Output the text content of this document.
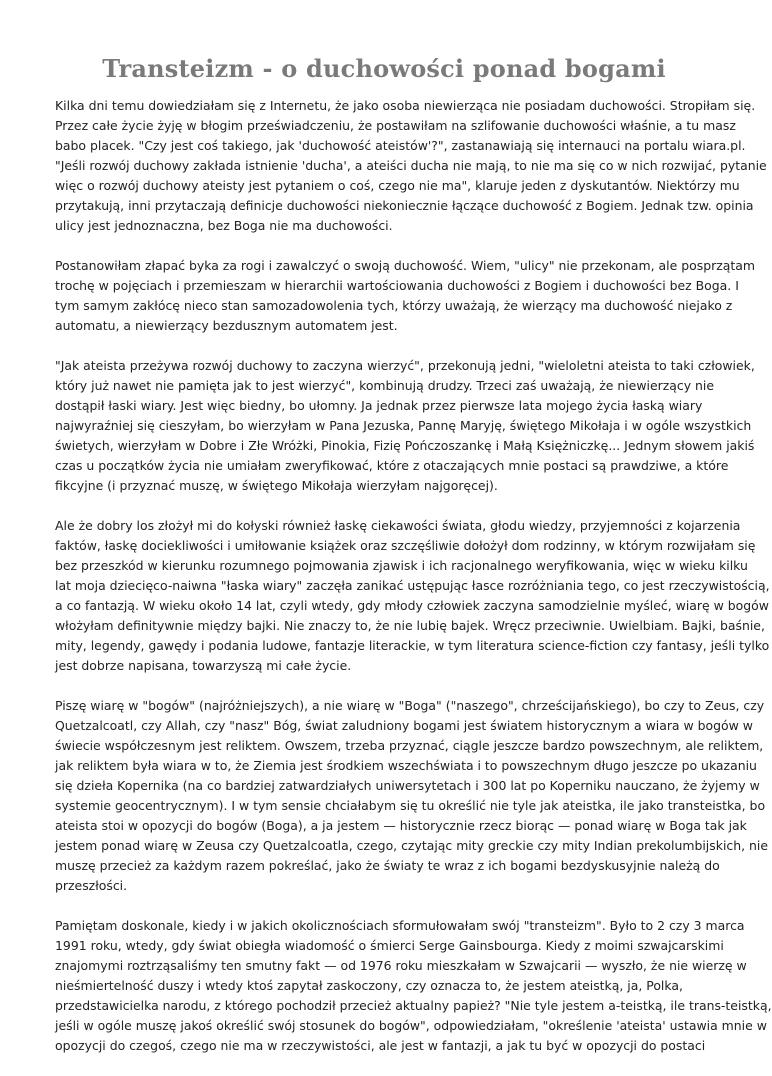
Transteizm - o duchowości ponad bogami

Kilka dni temu dowiedziałam się z Internetu, że jako osoba niewierząca nie posiadam duchowości. Stropiłam się.
Przez całe życie żyję w błogim przeświadczeniu, że postawiłam na szlifowanie duchowości właśnie, a tu masz
babo placek. "Czy jest coś takiego, jak 'duchowość ateistów'?", zastanawiają się internauci na portalu wiara.pl.
"Jeśli rozwój duchowy zakłada istnienie 'ducha', a ateiści ducha nie mają, to nie ma się co w nich rozwijać, pytanie
więc o rozwój duchowy ateisty jest pytaniem o coś, czego nie ma", klaruje jeden z dyskutantów. Niektórzy mu
przytakują, inni przytaczają definicje duchowości niekoniecznie łączące duchowość z Bogiem. Jednak tzw. opinia
ulicy jest jednoznaczna, bez Boga nie ma duchowości.

Postanowiłam złapać byka za rogi i zawalczyć o swoją duchowość. Wiem, "ulicy" nie przekonam, ale posprzątam
trochę w pojęciach i przemieszam w hierarchii wartościowania duchowości z Bogiem i duchowości bez Boga. I
tym samym zakłócę nieco stan samozadowolenia tych, którzy uważają, że wierzący ma duchowość niejako z
automatu, a niewierzący bezdusznym automatem jest.

"Jak ateista przeżywa rozwój duchowy to zaczyna wierzyć", przekonują jedni, "wieloletni ateista to taki człowiek,
który już nawet nie pamięta jak to jest wierzyć", kombinują drudzy. Trzeci zaś uważają, że niewierzący nie
dostąpił łaski wiary. Jest więc biedny, bo ułomny. Ja jednak przez pierwsze lata mojego życia łaską wiary
najwyraźniej się cieszyłam, bo wierzyłam w Pana Jezuska, Pannę Maryję, świętego Mikołaja i w ogóle wszystkich
świetych, wierzyłam w Dobre i Złe Wróżki, Pinokia, Fizię Pończoszankę i Małą Księżniczkę... Jednym słowem jakiś
czas u początków życia nie umiałam zweryfikować, które z otaczających mnie postaci są prawdziwe, a które
fikcyjne (i przyznać muszę, w świętego Mikołaja wierzyłam najgoręcej).

Ale że dobry los złożył mi do kołyski również łaskę ciekawości świata, głodu wiedzy, przyjemności z kojarzenia
faktów, łaskę dociekliwości i umiłowanie książek oraz szczęśliwie dołożył dom rodzinny, w którym rozwijałam się
bez przeszkód w kierunku rozumnego pojmowania zjawisk i ich racjonalnego weryfikowania, więc w wieku kilku
lat moja dziecięco-naiwna "łaska wiary" zaczęła zanikać ustępując łasce rozróżniania tego, co jest rzeczywistością,
a co fantazją. W wieku około 14 lat, czyli wtedy, gdy młody człowiek zaczyna samodzielnie myśleć, wiarę w bogów
włożyłam definitywnie między bajki. Nie znaczy to, że nie lubię bajek. Wręcz przeciwnie. Uwielbiam. Bajki, baśnie,
mity, legendy, gawędy i podania ludowe, fantazje literackie, w tym literatura science-fiction czy fantasy, jeśli tylko
jest dobrze napisana, towarzyszą mi całe życie.

Piszę wiarę w "bogów" (najróżniejszych), a nie wiarę w "Boga" ("naszego", chrześcijańskiego), bo czy to Zeus, czy
Quetzalcoatl, czy Allah, czy "nasz" Bóg, świat zaludniony bogami jest światem historycznym a wiara w bogów w
świecie współczesnym jest reliktem. Owszem, trzeba przyznać, ciągle jeszcze bardzo powszechnym, ale reliktem,
jak reliktem była wiara w to, że Ziemia jest środkiem wszechświata i to powszechnym długo jeszcze po ukazaniu
się dzieła Kopernika (na co bardziej zatwardziałych uniwersytetach i 300 lat po Koperniku nauczano, że żyjemy w
systemie geocentrycznym). I w tym sensie chciałabym się tu określić nie tyle jak ateistka, ile jako transteistka, bo
ateista stoi w opozycji do bogów (Boga), a ja jestem — historycznie rzecz biorąc — ponad wiarę w Boga tak jak
jestem ponad wiarę w Zeusa czy Quetzalcoatla, czego, czytając mity greckie czy mity Indian prekolumbijskich, nie
muszę przecież za każdym razem pokreślać, jako że światy te wraz z ich bogami bezdyskusyjnie należą do
przeszłości.

Pamiętam doskonale, kiedy i w jakich okolicznościach sformułowałam swój "transteizm". Było to 2 czy 3 marca
1991 roku, wtedy, gdy świat obiegła wiadomość o śmierci Serge Gainsbourga. Kiedy z moimi szwajcarskimi
znajomymi roztrząsaliśmy ten smutny fakt — od 1976 roku mieszkałam w Szwajcarii — wyszło, że nie wierzę w
nieśmiertelność duszy i wtedy ktoś zapytał zaskoczony, czy oznacza to, że jestem ateistką, ja, Polka,
przedstawicielka narodu, z którego pochodził przecież aktualny papież? "Nie tyle jestem a-teistką, ile trans-teistką,
jeśli w ogóle muszę jakoś określić swój stosunek do bogów", odpowiedziałam, "określenie 'ateista' ustawia mnie w
opozycji do czegoś, czego nie ma w rzeczywistości, ale jest w fantazji, a jak tu być w opozycji do postaci
